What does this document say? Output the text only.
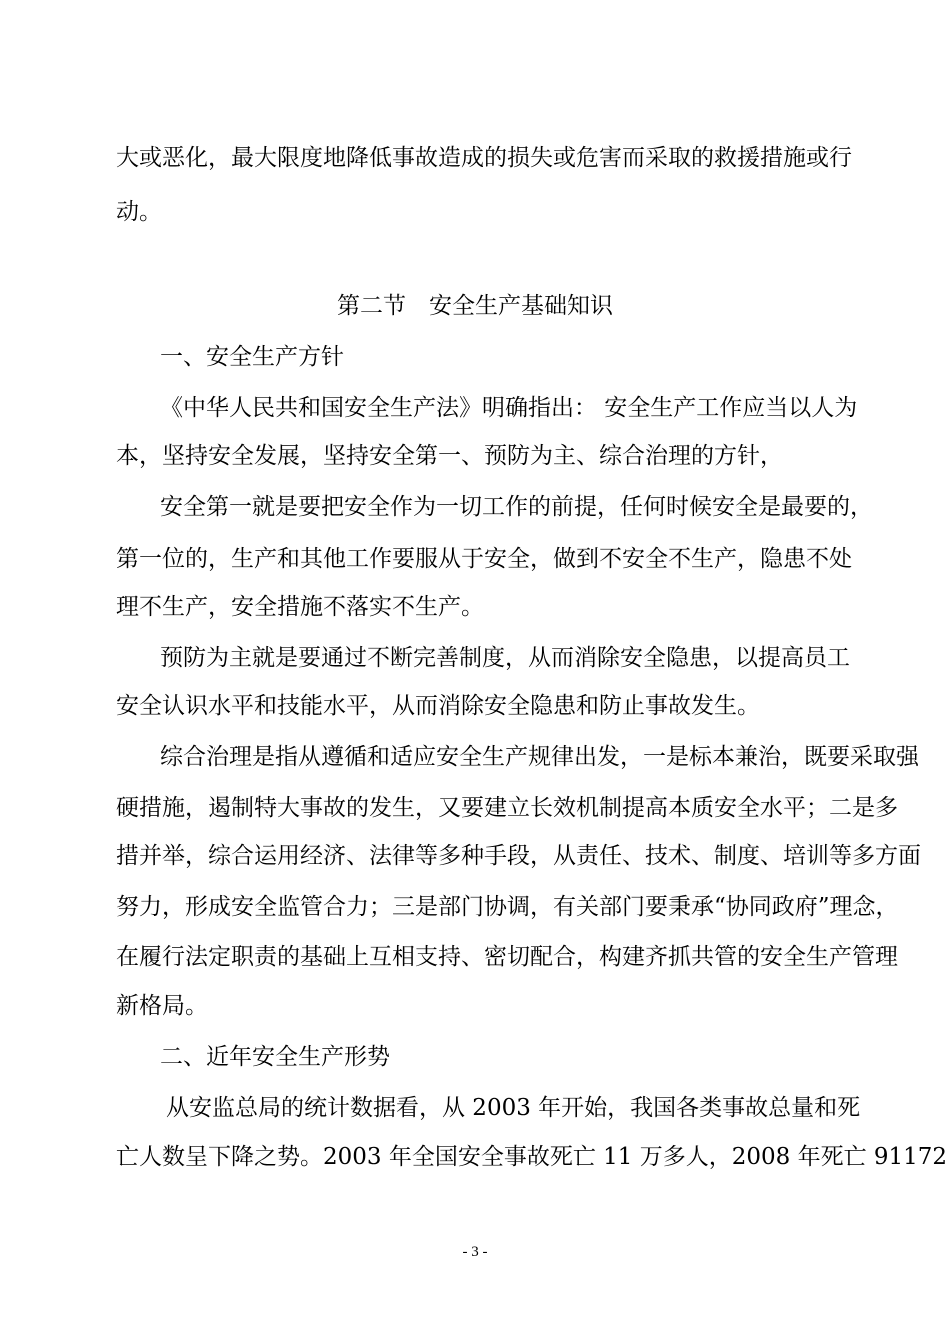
大或恶化，最大限度地降低事故造成的损失或危害而采取的救援措施或行
动。
第二节　安全生产基础知识
一、安全生产方针
《中华人民共和国安全生产法》明确指出： 安全生产工作应当以人为
本，坚持安全发展，坚持安全第一、预防为主、综合治理的方针，
安全第一就是要把安全作为一切工作的前提，任何时候安全是最要的，
第一位的，生产和其他工作要服从于安全，做到不安全不生产，隐患不处
理不生产，安全措施不落实不生产。
预防为主就是要通过不断完善制度，从而消除安全隐患，以提高员工
安全认识水平和技能水平，从而消除安全隐患和防止事故发生。
综合治理是指从遵循和适应安全生产规律出发，一是标本兼治，既要采取强
硬措施，遏制特大事故的发生，又要建立长效机制提高本质安全水平；二是多
措并举，综合运用经济、法律等多种手段，从责任、技术、制度、培训等多方面
努力，形成安全监管合力；三是部门协调，有关部门要秉承“协同政府”理念，
在履行法定职责的基础上互相支持、密切配合，构建齐抓共管的安全生产管理
新格局。
二、近年安全生产形势
从安监总局的统计数据看，从 2003 年开始，我国各类事故总量和死
亡人数呈下降之势。2003 年全国安全事故死亡 11 万多人，2008 年死亡 91172
- 3 -
